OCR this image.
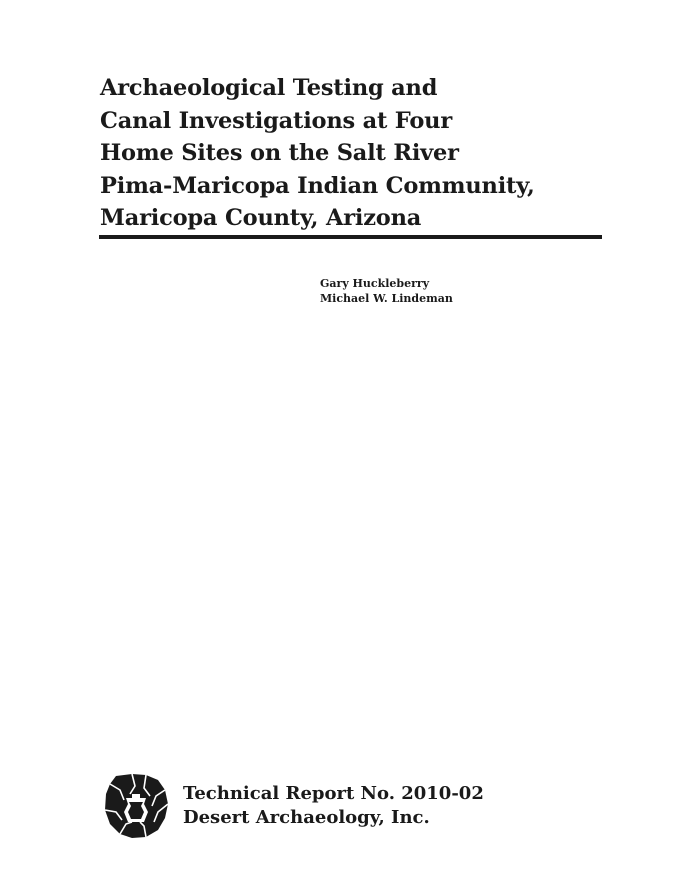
Archaeological Testing and
Canal Investigations at Four
Home Sites on the Salt River
Pima-Maricopa Indian Community,
Maricopa County, Arizona
Gary Huckleberry
Michael W. Lindeman
Technical Report No. 2010-02
Desert Archaeology, Inc.
